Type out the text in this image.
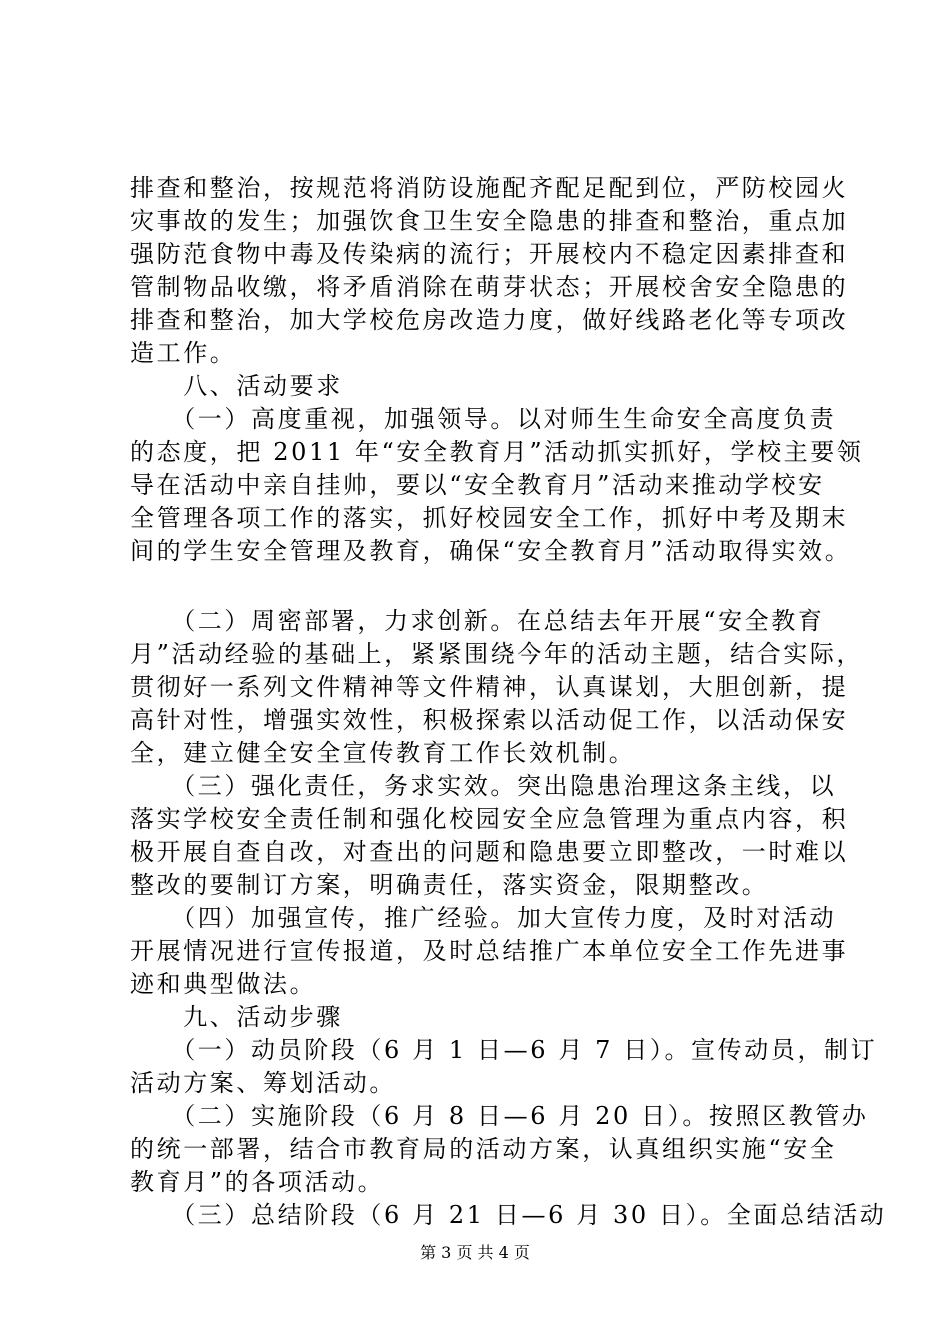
排查和整治，按规范将消防设施配齐配足配到位，严防校园火
灾事故的发生；加强饮食卫生安全隐患的排查和整治，重点加
强防范食物中毒及传染病的流行；开展校内不稳定因素排查和
管制物品收缴，将矛盾消除在萌芽状态；开展校舍安全隐患的
排查和整治，加大学校危房改造力度，做好线路老化等专项改
造工作。
　　八、活动要求
　　（一）高度重视，加强领导。以对师生生命安全高度负责
的态度，把 2011 年“安全教育月”活动抓实抓好，学校主要领
导在活动中亲自挂帅，要以“安全教育月”活动来推动学校安
全管理各项工作的落实，抓好校园安全工作，抓好中考及期末
间的学生安全管理及教育，确保“安全教育月”活动取得实效。
　　（二）周密部署，力求创新。在总结去年开展“安全教育
月”活动经验的基础上，紧紧围绕今年的活动主题，结合实际，
贯彻好一系列文件精神等文件精神，认真谋划，大胆创新，提
高针对性，增强实效性，积极探索以活动促工作，以活动保安
全，建立健全安全宣传教育工作长效机制。
　　（三）强化责任，务求实效。突出隐患治理这条主线，以
落实学校安全责任制和强化校园安全应急管理为重点内容，积
极开展自查自改，对查出的问题和隐患要立即整改，一时难以
整改的要制订方案，明确责任，落实资金，限期整改。
　　（四）加强宣传，推广经验。加大宣传力度，及时对活动
开展情况进行宣传报道，及时总结推广本单位安全工作先进事
迹和典型做法。
　　九、活动步骤
　　（一）动员阶段（6 月 1 日—6 月 7 日）。宣传动员，制订
活动方案、筹划活动。
　　（二）实施阶段（6 月 8 日—6 月 20 日）。按照区教管办
的统一部署，结合市教育局的活动方案，认真组织实施“安全
教育月”的各项活动。
　　（三）总结阶段（6 月 21 日—6 月 30 日）。全面总结活动
第 3 页 共 4 页
